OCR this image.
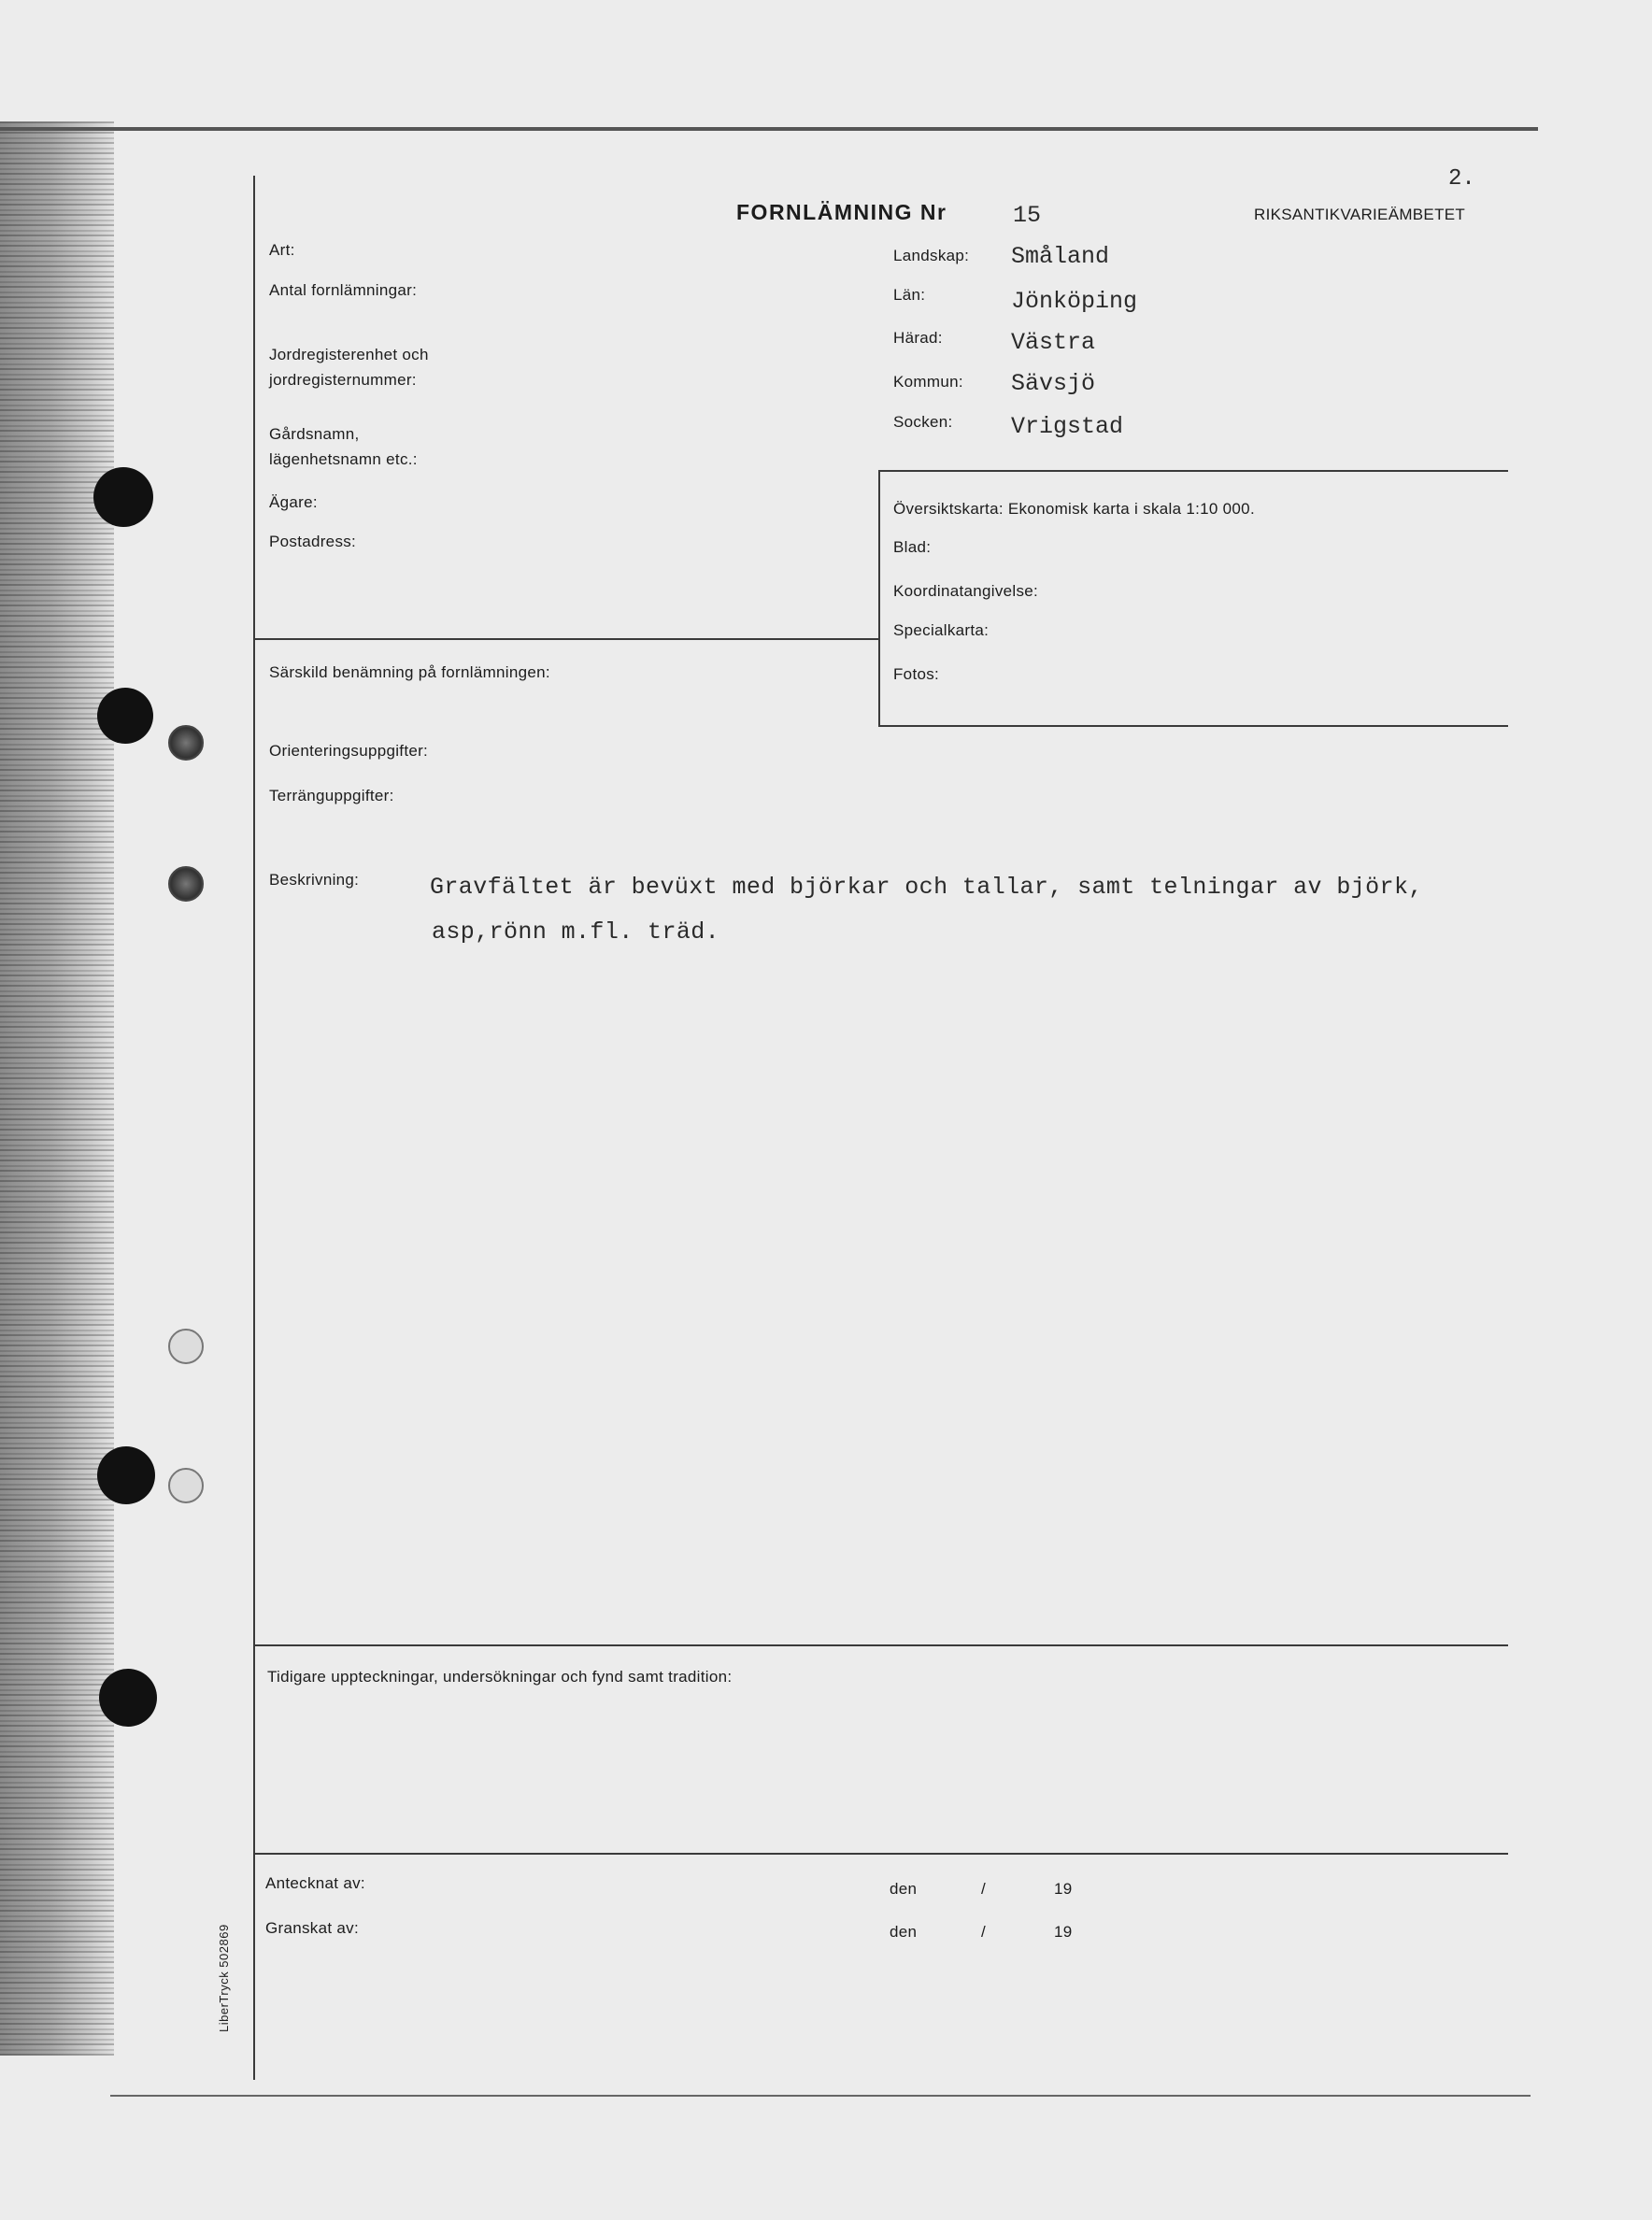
2.
FORNLÄMNING Nr	15	RIKSANTIKVARIEÄMBETET
Art:
Antal fornlämningar:
Jordregisterenhet och
jordregisternummer:
Gårdsnamn,
lägenhetsnamn etc.:
Ägare:
Postadress:
Landskap: Småland
Län:	Jönköping
Härad:	Västra
Kommun: Sävsjö
Socken: Vrigstad
Översiktskarta: Ekonomisk karta i skala 1:10 000.
Blad:
Koordinatangivelse:
Specialkarta:
Fotos:
Särskild benämning på fornlämningen:
Orienteringsuppgifter:
Terränguppgifter:
Beskrivning:	Gravfältet är bevüxt med björkar och tallar, samt telningar av björk,
asp,rönn m.fl. träd.
Tidigare uppteckningar, undersökningar och fynd samt tradition:
Antecknat av:	den	/	19
Granskat av:	den	/	19
LiberTryck 502869
